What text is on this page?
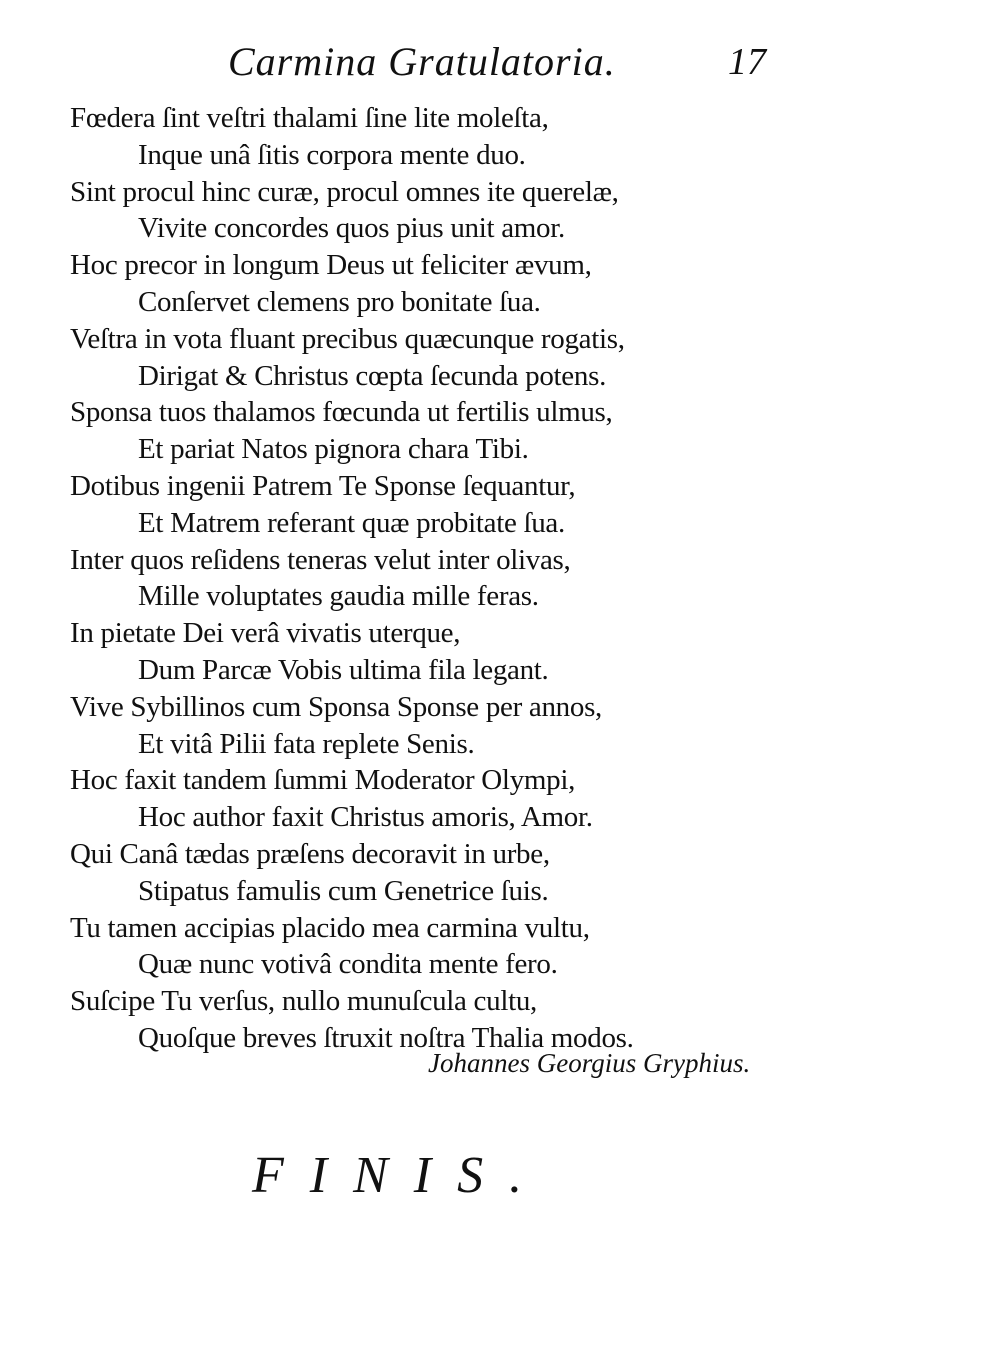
Carmina Gratulatoria.	17
Fœdera ſint veſtri thalami ſine lite moleſta,
Inque unâ ſitis corpora mente duo.
Sint procul hinc curæ, procul omnes ite querelæ,
Vivite concordes quos pius unit amor.
Hoc precor in longum Deus ut feliciter ævum,
Conſervet clemens pro bonitate ſua.
Veſtra in vota fluant precibus quæcunque rogatis,
Dirigat & Christus cœpta ſecunda potens.
Sponsa tuos thalamos fœcunda ut fertilis ulmus,
Et pariat Natos pignora chara Tibi.
Dotibus ingenii Patrem Te Sponse ſequantur,
Et Matrem referant quæ probitate ſua.
Inter quos reſidens teneras velut inter olivas,
Mille voluptates gaudia mille feras.
In pietate Dei verâ vivatis uterque,
Dum Parcæ Vobis ultima fila legant.
Vive Sybillinos cum Sponsa Sponse per annos,
Et vitâ Pilii fata replete Senis.
Hoc faxit tandem ſummi Moderator Olympi,
Hoc author faxit Christus amoris, Amor.
Qui Canâ tædas præſens decoravit in urbe,
Stipatus famulis cum Genetrice ſuis.
Tu tamen accipias placido mea carmina vultu,
Quæ nunc votivâ condita mente fero.
Suſcipe Tu verſus, nullo munuſcula cultu,
Quoſque breves ſtruxit noſtra Thalia modos.
Johannes Georgius Gryphius.
FINIS.
